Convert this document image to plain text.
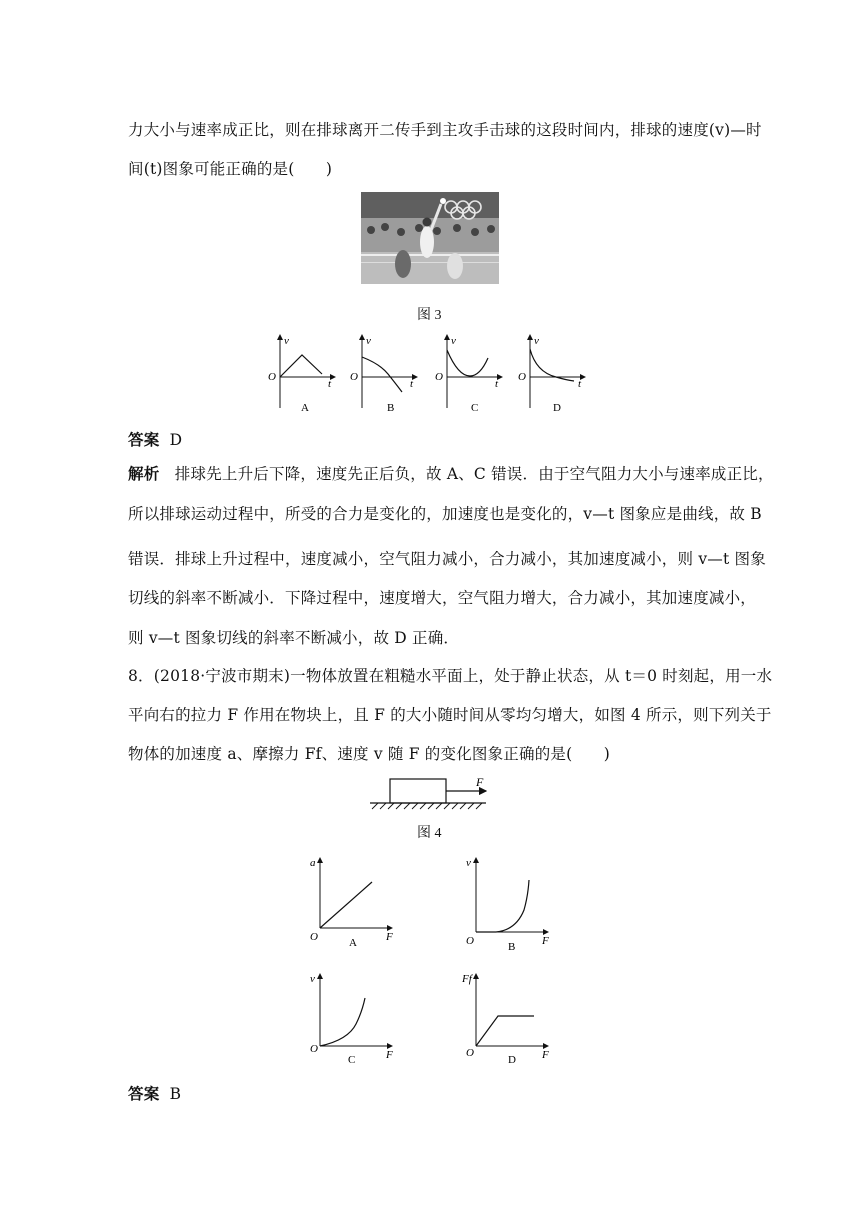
力大小与速率成正比，则在排球离开二传手到主攻手击球的这段时间内，排球的速度(v)—时
间(t)图象可能正确的是(　　)
图 3
v
O
t
A
v
O
t
B
v
O
t
C
v
O
t
D
答案 D
解析 排球先上升后下降，速度先正后负，故 A、C 错误．由于空气阻力大小与速率成正比，
所以排球运动过程中，所受的合力是变化的，加速度也是变化的，v—t 图象应是曲线，故 B
错误．排球上升过程中，速度减小，空气阻力减小，合力减小，其加速度减小，则 v—t 图象
切线的斜率不断减小．下降过程中，速度增大，空气阻力增大，合力减小，其加速度减小，
则 v—t 图象切线的斜率不断减小，故 D 正确．
8．(2018·宁波市期末)一物体放置在粗糙水平面上，处于静止状态，从 t＝0 时刻起，用一水
平向右的拉力 F 作用在物块上，且 F 的大小随时间从零均匀增大，如图 4 所示，则下列关于
物体的加速度 a、摩擦力 Ff、速度 v 随 F 的变化图象正确的是(　　)
F
图 4
a
O	F
A
v
O	F
B
v
O	F
C
Ff
O	F
D
答案 B
